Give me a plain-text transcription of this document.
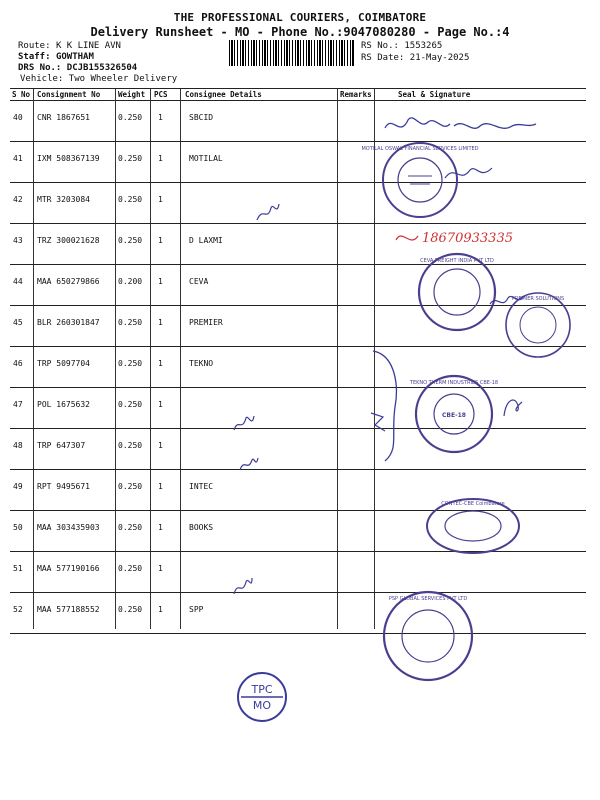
THE PROFESSIONAL COURIERS, COIMBATORE
Delivery Runsheet - MO - Phone No.:9047080280 - Page No.:4
Route: K K LINE AVN
Staff: GOWTHAM
DRS No.: DCJB155326504
Vehicle: Two Wheeler Delivery
RS No.: 1553265
RS Date: 21-May-2025
S No Consignment No Weight PCS Consignee Details	Remarks	Seal & Signature
40 CNR 1867651	0.250 1	SBCID
41 IXM 508367139 0.250 1	MOTILAL
42 MTR 3203084	0.250 1
43 TRZ 300021628 0.250 1	D LAXMI
44 MAA 650279866 0.200 1	CEVA
45 BLR 260301847 0.250 1	PREMIER
46 TRP 5097704	0.250 1	TEKNO
47 POL 1675632	0.250 1
48 TRP 647307	0.250 1
49 RPT 9495671	0.250 1	INTEC
50 MAA 303435903 0.250 1	BOOKS
51 MAA 577190166 0.250 1
52 MAA 577188552 0.250 1	SPP
MOTILAL OSWAL FINANCIAL SERVICES LIMITED
CEVA FREIGHT INDIA PVT LTD
PREMIER SOLUTIONS
CBE-18
TEKNO THERM INDUSTRIES CBE-18
CONTEC-CBE Coimbatore
PSP GLOBAL SERVICES PVT LTD
TPC
MO
18670933335
